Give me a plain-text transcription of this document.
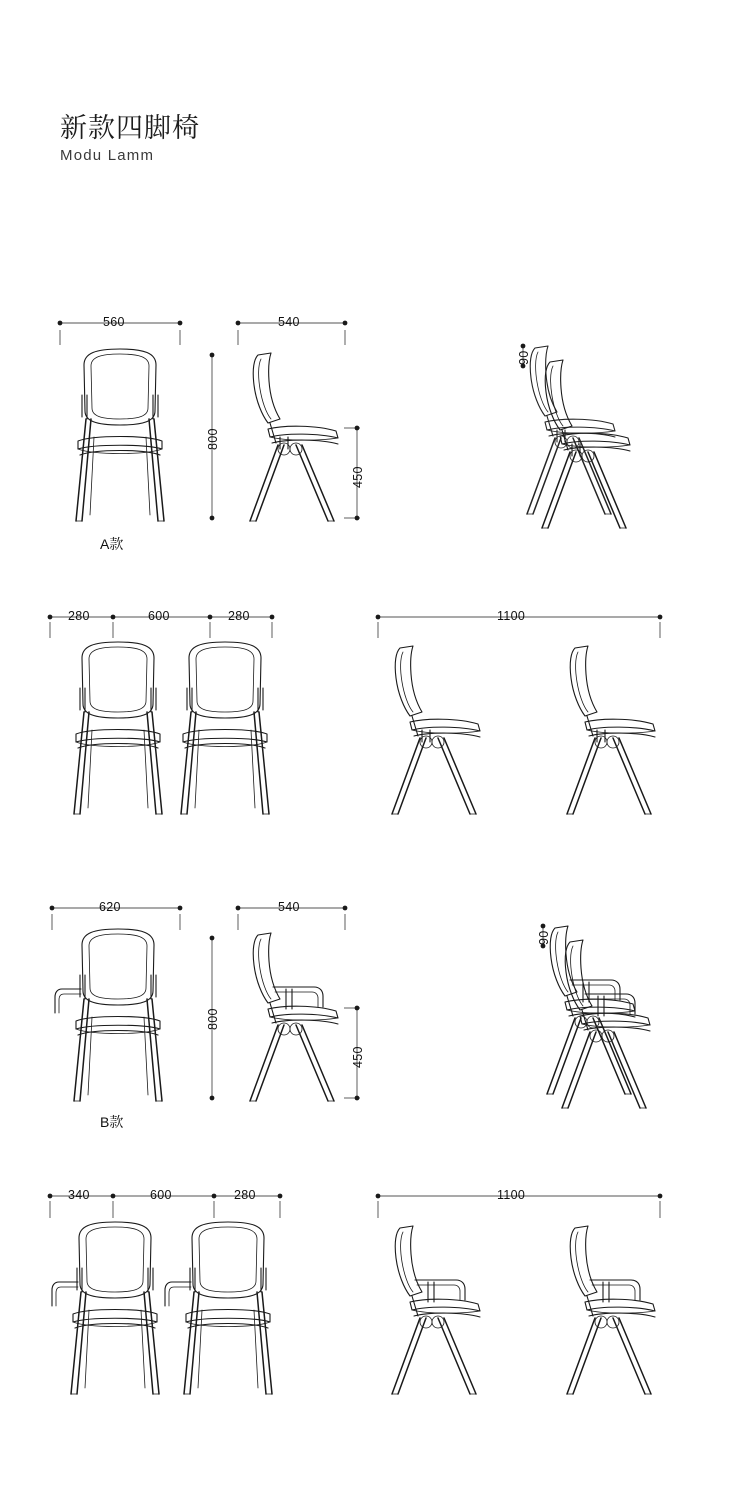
新款四脚椅
Modu Lamm
560	540
800
450
90
280	600	280	1100
620	540
800
450
90
340	600	280	1100
A款
B款
